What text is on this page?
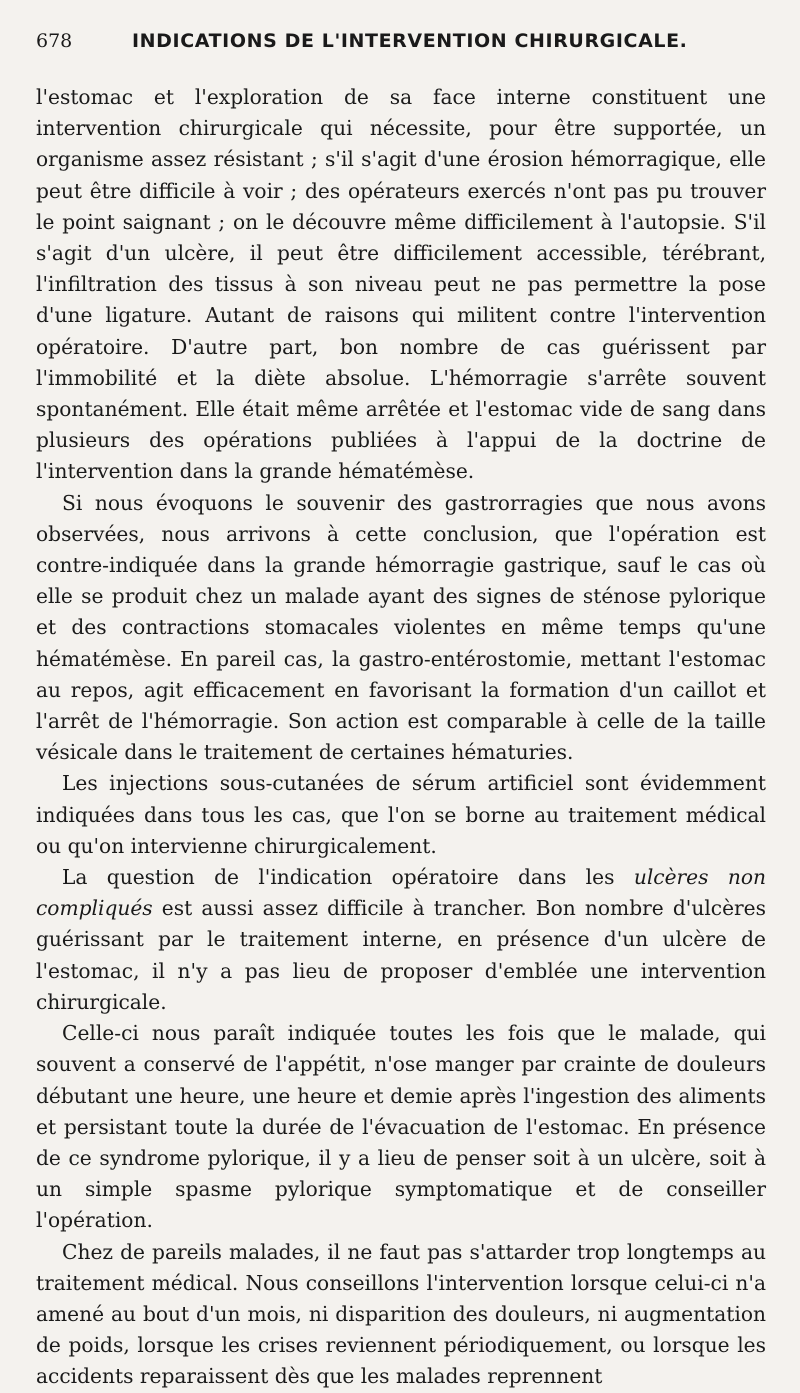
678	INDICATIONS DE L'INTERVENTION CHIRURGICALE.

l'estomac et l'exploration de sa face interne constituent une intervention chirurgicale qui nécessite, pour être supportée, un organisme assez résistant ; s'il s'agit d'une érosion hémorragique, elle peut être difficile à voir ; des opérateurs exercés n'ont pas pu trouver le point saignant ; on le découvre même difficilement à l'autopsie. S'il s'agit d'un ulcère, il peut être difficilement accessible, térébrant, l'infiltration des tissus à son niveau peut ne pas permettre la pose d'une ligature. Autant de raisons qui militent contre l'intervention opératoire. D'autre part, bon nombre de cas guérissent par l'immobilité et la diète absolue. L'hémorragie s'arrête souvent spontanément. Elle était même arrêtée et l'estomac vide de sang dans plusieurs des opérations publiées à l'appui de la doctrine de l'intervention dans la grande hématémèse.

Si nous évoquons le souvenir des gastrorragies que nous avons observées, nous arrivons à cette conclusion, que l'opération est contre-indiquée dans la grande hémorragie gastrique, sauf le cas où elle se produit chez un malade ayant des signes de sténose pylorique et des contractions stomacales violentes en même temps qu'une hématémèse. En pareil cas, la gastro-entérostomie, mettant l'estomac au repos, agit efficacement en favorisant la formation d'un caillot et l'arrêt de l'hémorragie. Son action est comparable à celle de la taille vésicale dans le traitement de certaines hématuries.

Les injections sous-cutanées de sérum artificiel sont évidemment indiquées dans tous les cas, que l'on se borne au traitement médical ou qu'on intervienne chirurgicalement.

La question de l'indication opératoire dans les ulcères non compliqués est aussi assez difficile à trancher. Bon nombre d'ulcères guérissant par le traitement interne, en présence d'un ulcère de l'estomac, il n'y a pas lieu de proposer d'emblée une intervention chirurgicale.

Celle-ci nous paraît indiquée toutes les fois que le malade, qui souvent a conservé de l'appétit, n'ose manger par crainte de douleurs débutant une heure, une heure et demie après l'ingestion des aliments et persistant toute la durée de l'évacuation de l'estomac. En présence de ce syndrome pylorique, il y a lieu de penser soit à un ulcère, soit à un simple spasme pylorique symptomatique et de conseiller l'opération.

Chez de pareils malades, il ne faut pas s'attarder trop longtemps au traitement médical. Nous conseillons l'intervention lorsque celui-ci n'a amené au bout d'un mois, ni disparition des douleurs, ni augmentation de poids, lorsque les crises reviennent périodiquement, ou lorsque les accidents reparaissent dès que les malades reprennent
